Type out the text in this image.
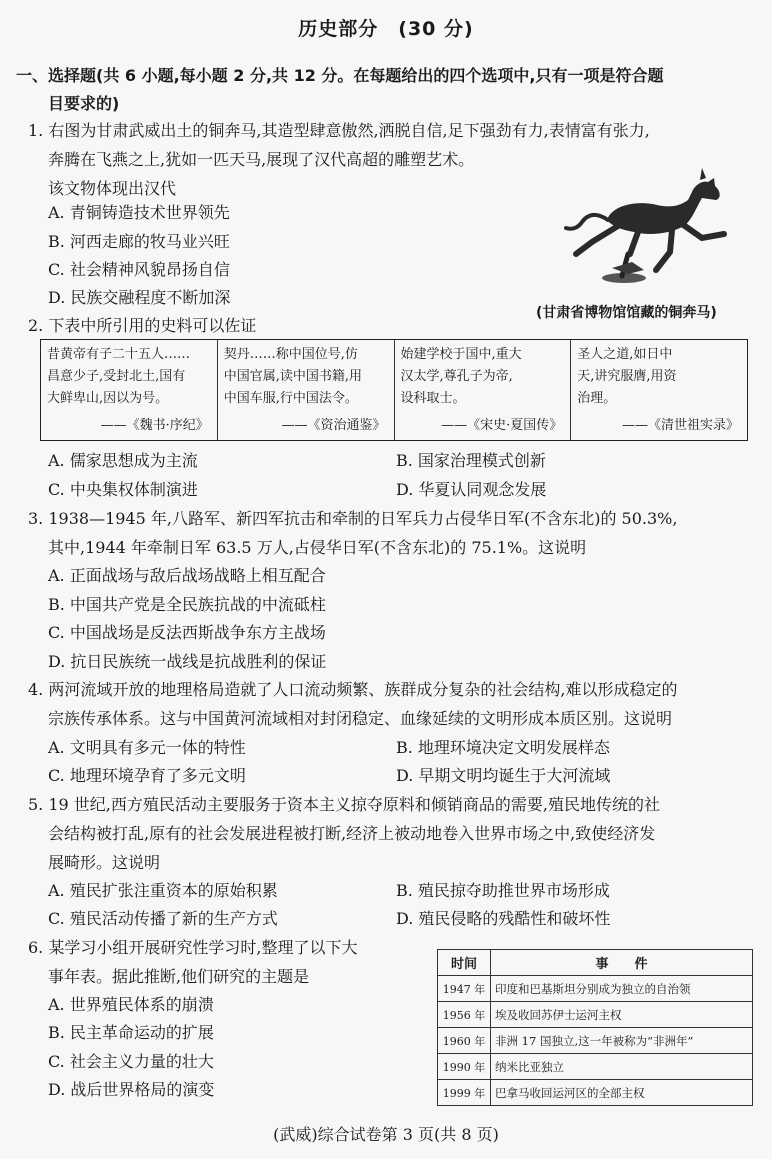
历史部分　(30 分)
一、选择题(共 6 小题,每小题 2 分,共 12 分。在每题给出的四个选项中,只有一项是符合题
目要求的)
1. 右图为甘肃武威出土的铜奔马,其造型肆意傲然,洒脱自信,足下强劲有力,表情富有张力,
奔腾在飞燕之上,犹如一匹天马,展现了汉代高超的雕塑艺术。
该文物体现出汉代
A. 青铜铸造技术世界领先
B. 河西走廊的牧马业兴旺
C. 社会精神风貌昂扬自信
D. 民族交融程度不断加深
(甘肃省博物馆馆藏的铜奔马)
2. 下表中所引用的史料可以佐证
昔黄帝有子二十五人……
昌意少子,受封北土,国有
大鲜卑山,因以为号。
——《魏书·序纪》
契丹……称中国位号,仿
中国官属,读中国书籍,用
中国车服,行中国法令。
——《资治通鉴》
始建学校于国中,重大
汉太学,尊孔子为帝,
设科取士。
——《宋史·夏国传》
圣人之道,如日中
天,讲究服膺,用资
治理。
——《清世祖实录》
A. 儒家思想成为主流	B. 国家治理模式创新
C. 中央集权体制演进	D. 华夏认同观念发展
3. 1938—1945 年,八路军、新四军抗击和牵制的日军兵力占侵华日军(不含东北)的 50.3%,
其中,1944 年牵制日军 63.5 万人,占侵华日军(不含东北)的 75.1%。这说明
A. 正面战场与敌后战场战略上相互配合
B. 中国共产党是全民族抗战的中流砥柱
C. 中国战场是反法西斯战争东方主战场
D. 抗日民族统一战线是抗战胜利的保证
4. 两河流域开放的地理格局造就了人口流动频繁、族群成分复杂的社会结构,难以形成稳定的
宗族传承体系。这与中国黄河流域相对封闭稳定、血缘延续的文明形成本质区别。这说明
A. 文明具有多元一体的特性	B. 地理环境决定文明发展样态
C. 地理环境孕育了多元文明	D. 早期文明均诞生于大河流域
5. 19 世纪,西方殖民活动主要服务于资本主义掠夺原料和倾销商品的需要,殖民地传统的社
会结构被打乱,原有的社会发展进程被打断,经济上被动地卷入世界市场之中,致使经济发
展畸形。这说明
A. 殖民扩张注重资本的原始积累	B. 殖民掠夺助推世界市场形成
C. 殖民活动传播了新的生产方式	D. 殖民侵略的残酷性和破坏性
6. 某学习小组开展研究性学习时,整理了以下大
事年表。据此推断,他们研究的主题是
A. 世界殖民体系的崩溃
B. 民主革命运动的扩展
C. 社会主义力量的壮大
D. 战后世界格局的演变
时间	事　　件
1947 年	印度和巴基斯坦分别成为独立的自治领
1956 年	埃及收回苏伊士运河主权
1960 年	非洲 17 国独立,这一年被称为“非洲年”
1990 年	纳米比亚独立
1999 年	巴拿马收回运河区的全部主权
(武威)综合试卷第 3 页(共 8 页)
